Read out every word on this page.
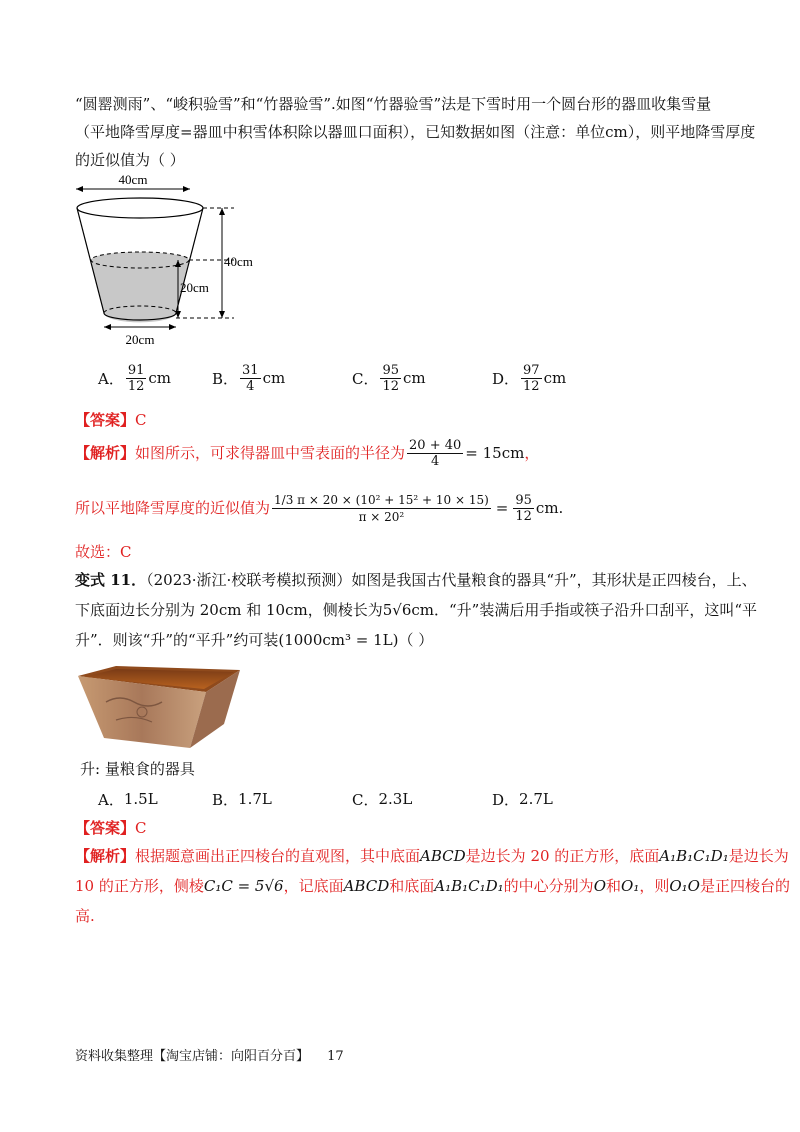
“圆罂测雨”、“峻积验雪”和“竹器验雪”.如图“竹器验雪”法是下雪时用一个圆台形的器皿收集雪量
（平地降雪厚度=器皿中积雪体积除以器皿口面积），已知数据如图（注意：单位cm），则平地降雪厚度
的近似值为（ ）
40cm
40cm
20cm
20cm
A． $\frac{91}{12}$ cm	B． $\frac{31}{4}$ cm	C． $\frac{95}{12}$ cm	D． $\frac{97}{12}$ cm
【答案】C
【解析】 如图所示，可求得器皿中雪表面的半径为 $\frac{20 + 40}{4} = 15cm$ ，
所以平地降雪厚度的近似值为 $\frac{\text{1/3 π × 20 × (10² + 15² + 10 × 15)}}{\text{π × 20²}} = \frac{95}{12}$ cm.
故选：C
变式 11．（2023·浙江·校联考模拟预测）如图是我国古代量粮食的器具“升”，其形状是正四棱台，上、
下底面边长分别为 20cm 和 10cm，侧棱长为5√6cm．“升”装满后用手指或筷子沿升口刮平，这叫“平
升”．则该“升”的“平升”约可装(1000cm³ = 1L)（ ）
升: 量粮食的器具
A． 1.5L	B． 1.7L	C． 2.3L	D． 2.7L
【答案】C
【解析】根据题意画出正四棱台的直观图，其中底面ABCD是边长为 20 的正方形，底面A₁B₁C₁D₁是边长为
10 的正方形，侧棱C₁C = 5√6，记底面ABCD和底面A₁B₁C₁D₁的中心分别为O和O₁，则O₁O是正四棱台的
高.
资料收集整理【淘宝店铺：向阳百分百】 17
